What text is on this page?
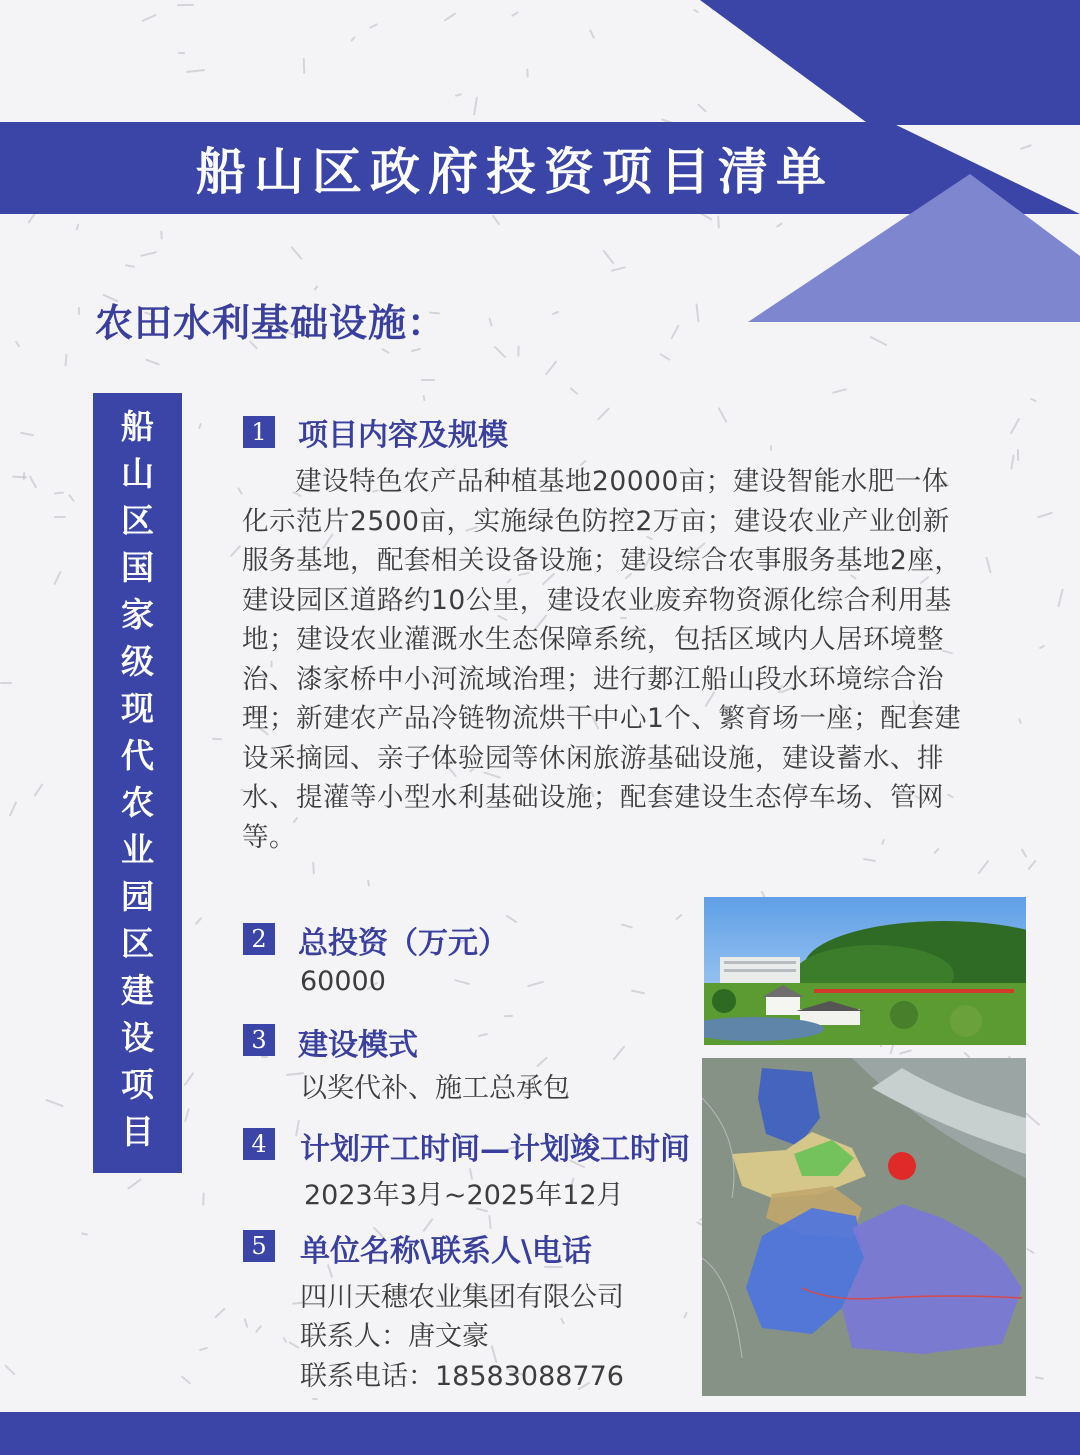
船山区政府投资项目清单
农田水利基础设施：
船
山
区
国
家
级
现
代
农
业
园
区
建
设
项
目
1 项目内容及规模
建设特色农产品种植基地20000亩；建设智能水肥一体化示范片2500亩，实施绿色防控2万亩；建设农业产业创新服务基地，配套相关设备设施；建设综合农事服务基地2座，建设园区道路约10公里，建设农业废弃物资源化综合利用基地；建设农业灌溉水生态保障系统，包括区域内人居环境整治、漆家桥中小河流域治理；进行郪江船山段水环境综合治理；新建农产品冷链物流烘干中心1个、繁育场一座；配套建设采摘园、亲子体验园等休闲旅游基础设施，建设蓄水、排水、提灌等小型水利基础设施；配套建设生态停车场、管网等。
2 总投资（万元）
60000
3 建设模式
以奖代补、施工总承包
4 计划开工时间—计划竣工时间
2023年3月~2025年12月
5 单位名称\联系人\电话
四川天穗农业集团有限公司
联系人：唐文豪
联系电话：18583088776
